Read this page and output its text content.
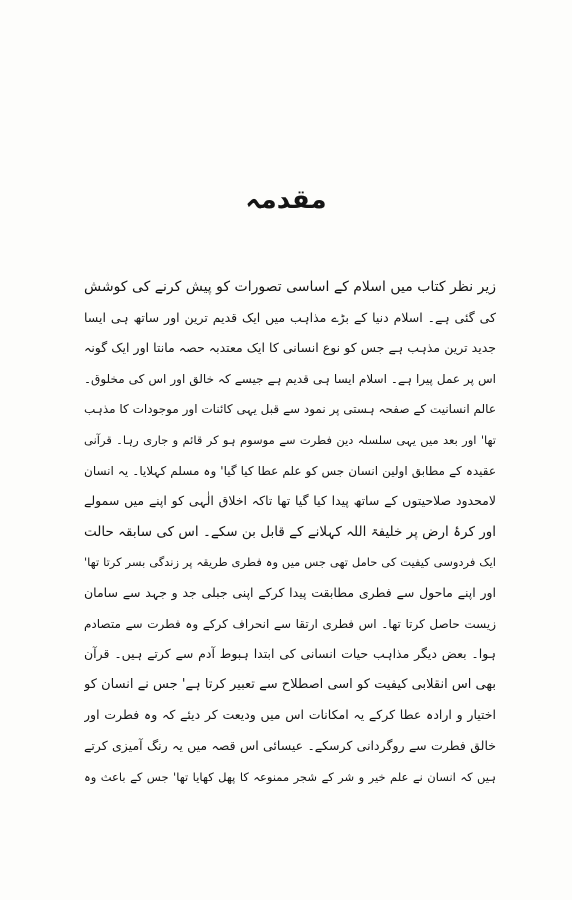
مقدمہ
زیر نظر کتاب میں اسلام کے اساسی تصورات کو پیش کرنے کی کوشش
کی گئی ہے۔ اسلام دنیا کے بڑے مذاہب میں ایک قدیم ترین اور ساتھ ہی ایسا
جدید ترین مذہب ہے جس کو نوع انسانی کا ایک معتدبہ حصہ مانتا اور ایک گونہ
اس پر عمل پیرا ہے۔ اسلام ایسا ہی قدیم ہے جیسے کہ خالق اور اس کی مخلوق۔
عالم انسانیت کے صفحہ ہستی پر نمود سے قبل یہی کائنات اور موجودات کا مذہب
تھا' اور بعد میں یہی سلسلہ دین فطرت سے موسوم ہو کر قائم و جاری رہا۔ قرآنی
عقیدہ کے مطابق اولین انسان جس کو علم عطا کیا گیا' وہ مسلم کہلایا۔ یہ انسان
لامحدود صلاحیتوں کے ساتھ پیدا کیا گیا تھا تاکہ اخلاق الٰہی کو اپنے میں سمولے
اور کرۂ ارض پر خلیفۃ اللہ کہلانے کے قابل بن سکے۔ اس کی سابقہ حالت
ایک فردوسی کیفیت کی حامل تھی جس میں وہ فطری طریقہ پر زندگی بسر کرتا تھا'
اور اپنے ماحول سے فطری مطابقت پیدا کرکے اپنی جبلی جد و جہد سے سامان
زیست حاصل کرتا تھا۔ اس فطری ارتقا سے انحراف کرکے وہ فطرت سے متصادم
ہوا۔ بعض دیگر مذاہب حیات انسانی کی ابتدا ہبوط آدم سے کرتے ہیں۔ قرآن
بھی اس انقلابی کیفیت کو اسی اصطلاح سے تعبیر کرتا ہے' جس نے انسان کو
اختیار و ارادہ عطا کرکے یہ امکانات اس میں ودیعت کر دیئے کہ وہ فطرت اور
خالق فطرت سے روگردانی کرسکے۔ عیسائی اس قصہ میں یہ رنگ آمیزی کرتے
ہیں کہ انسان نے علم خیر و شر کے شجر ممنوعہ کا پھل کھایا تھا' جس کے باعث وہ
